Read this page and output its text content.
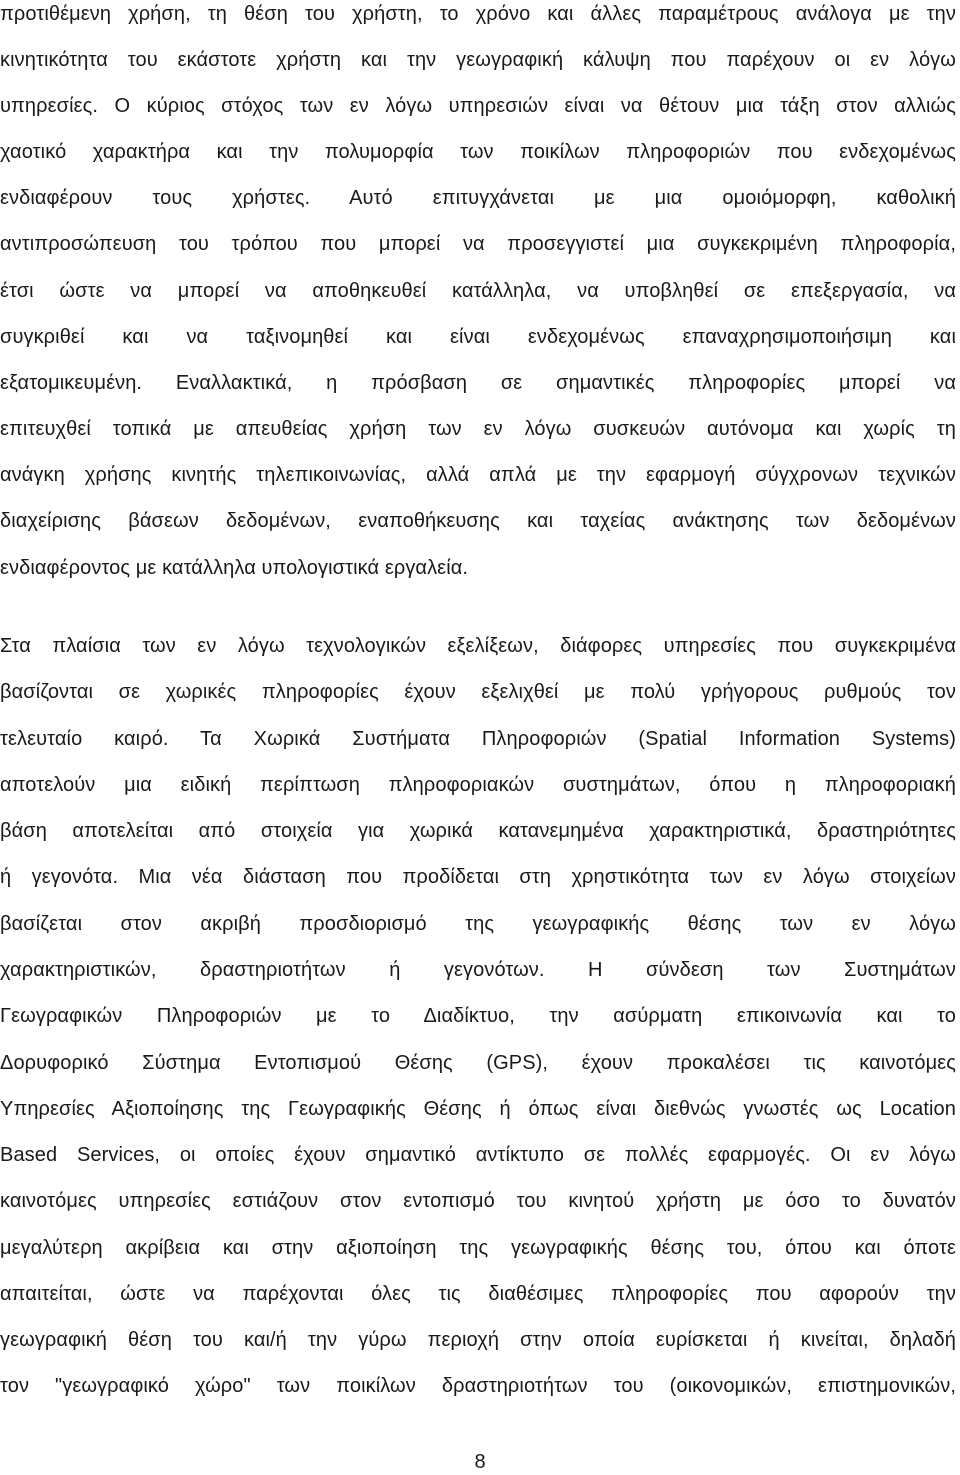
προτιθέμενη χρήση, τη θέση του χρήστη, το χρόνο και άλλες παραμέτρους ανάλογα με την
κινητικότητα του εκάστοτε χρήστη και την γεωγραφική κάλυψη που παρέχουν οι εν λόγω
υπηρεσίες. Ο κύριος στόχος των εν λόγω υπηρεσιών είναι να θέτουν μια τάξη στον αλλιώς
χαοτικό χαρακτήρα και την πολυμορφία των ποικίλων πληροφοριών που ενδεχομένως
ενδιαφέρουν τους χρήστες. Αυτό επιτυγχάνεται με μια ομοιόμορφη, καθολική
αντιπροσώπευση του τρόπου που μπορεί να προσεγγιστεί μια συγκεκριμένη πληροφορία,
έτσι ώστε να μπορεί να αποθηκευθεί κατάλληλα, να υποβληθεί σε επεξεργασία, να
συγκριθεί και να ταξινομηθεί και είναι ενδεχομένως επαναχρησιμοποιήσιμη και
εξατομικευμένη. Εναλλακτικά, η πρόσβαση σε σημαντικές πληροφορίες μπορεί να
επιτευχθεί τοπικά με απευθείας χρήση των εν λόγω συσκευών αυτόνομα και χωρίς τη
ανάγκη χρήσης κινητής τηλεπικοινωνίας, αλλά απλά με την εφαρμογή σύγχρονων τεχνικών
διαχείρισης βάσεων δεδομένων, εναποθήκευσης και ταχείας ανάκτησης των δεδομένων
ενδιαφέροντος με κατάλληλα υπολογιστικά εργαλεία.
Στα πλαίσια των εν λόγω τεχνολογικών εξελίξεων, διάφορες υπηρεσίες που συγκεκριμένα
βασίζονται σε χωρικές πληροφορίες έχουν εξελιχθεί με πολύ γρήγορους ρυθμούς τον
τελευταίο καιρό. Τα Χωρικά Συστήματα Πληροφοριών (Spatial Information Systems)
αποτελούν μια ειδική περίπτωση πληροφοριακών συστημάτων, όπου η πληροφοριακή
βάση αποτελείται από στοιχεία για χωρικά κατανεμημένα χαρακτηριστικά, δραστηριότητες
ή γεγονότα. Μια νέα διάσταση που προδίδεται στη χρηστικότητα των εν λόγω στοιχείων
βασίζεται στον ακριβή προσδιορισμό της γεωγραφικής θέσης των εν λόγω
χαρακτηριστικών, δραστηριοτήτων ή γεγονότων. Η σύνδεση των Συστημάτων
Γεωγραφικών Πληροφοριών με το Διαδίκτυο, την ασύρματη επικοινωνία και το
Δορυφορικό Σύστημα Εντοπισμού Θέσης (GPS), έχουν προκαλέσει τις καινοτόμες
Υπηρεσίες Αξιοποίησης της Γεωγραφικής Θέσης ή όπως είναι διεθνώς γνωστές ως Location
Based Services, οι οποίες έχουν σημαντικό αντίκτυπο σε πολλές εφαρμογές. Οι εν λόγω
καινοτόμες υπηρεσίες εστιάζουν στον εντοπισμό του κινητού χρήστη με όσο το δυνατόν
μεγαλύτερη ακρίβεια και στην αξιοποίηση της γεωγραφικής θέσης του, όπου και όποτε
απαιτείται, ώστε να παρέχονται όλες τις διαθέσιμες πληροφορίες που αφορούν την
γεωγραφική θέση του και/ή την γύρω περιοχή στην οποία ευρίσκεται ή κινείται, δηλαδή
τον "γεωγραφικό χώρο" των ποικίλων δραστηριοτήτων του (οικονομικών, επιστημονικών,
8
